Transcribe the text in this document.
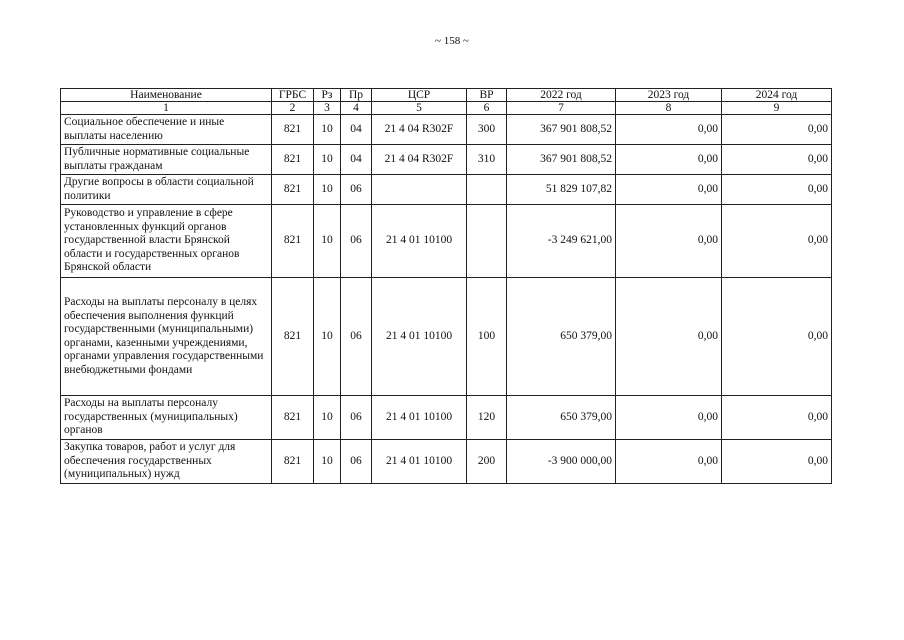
~ 158 ~
Наименование	ГРБС	Рз	Пр	ЦСР	ВР	2022 год	2023 год	2024 год
1	2	3	4	5	6	7	8	9
Социальное обеспечение и иные выплаты населению	821	10	04	21 4 04 R302F	300	367 901 808,52	0,00	0,00
Публичные нормативные социальные выплаты гражданам	821	10	04	21 4 04 R302F	310	367 901 808,52	0,00	0,00
Другие вопросы в области социальной политики	821	10	06			51 829 107,82	0,00	0,00
Руководство и управление в сфере установленных функций органов государственной власти Брянской области и государственных органов Брянской области	821	10	06	21 4 01 10100		-3 249 621,00	0,00	0,00
Расходы на выплаты персоналу в целях обеспечения выполнения функций государственными (муниципальными) органами, казенными учреждениями, органами управления государственными внебюджетными фондами	821	10	06	21 4 01 10100	100	650 379,00	0,00	0,00
Расходы на выплаты персоналу государственных (муниципальных) органов	821	10	06	21 4 01 10100	120	650 379,00	0,00	0,00
Закупка товаров, работ и услуг для обеспечения государственных (муниципальных) нужд	821	10	06	21 4 01 10100	200	-3 900 000,00	0,00	0,00
